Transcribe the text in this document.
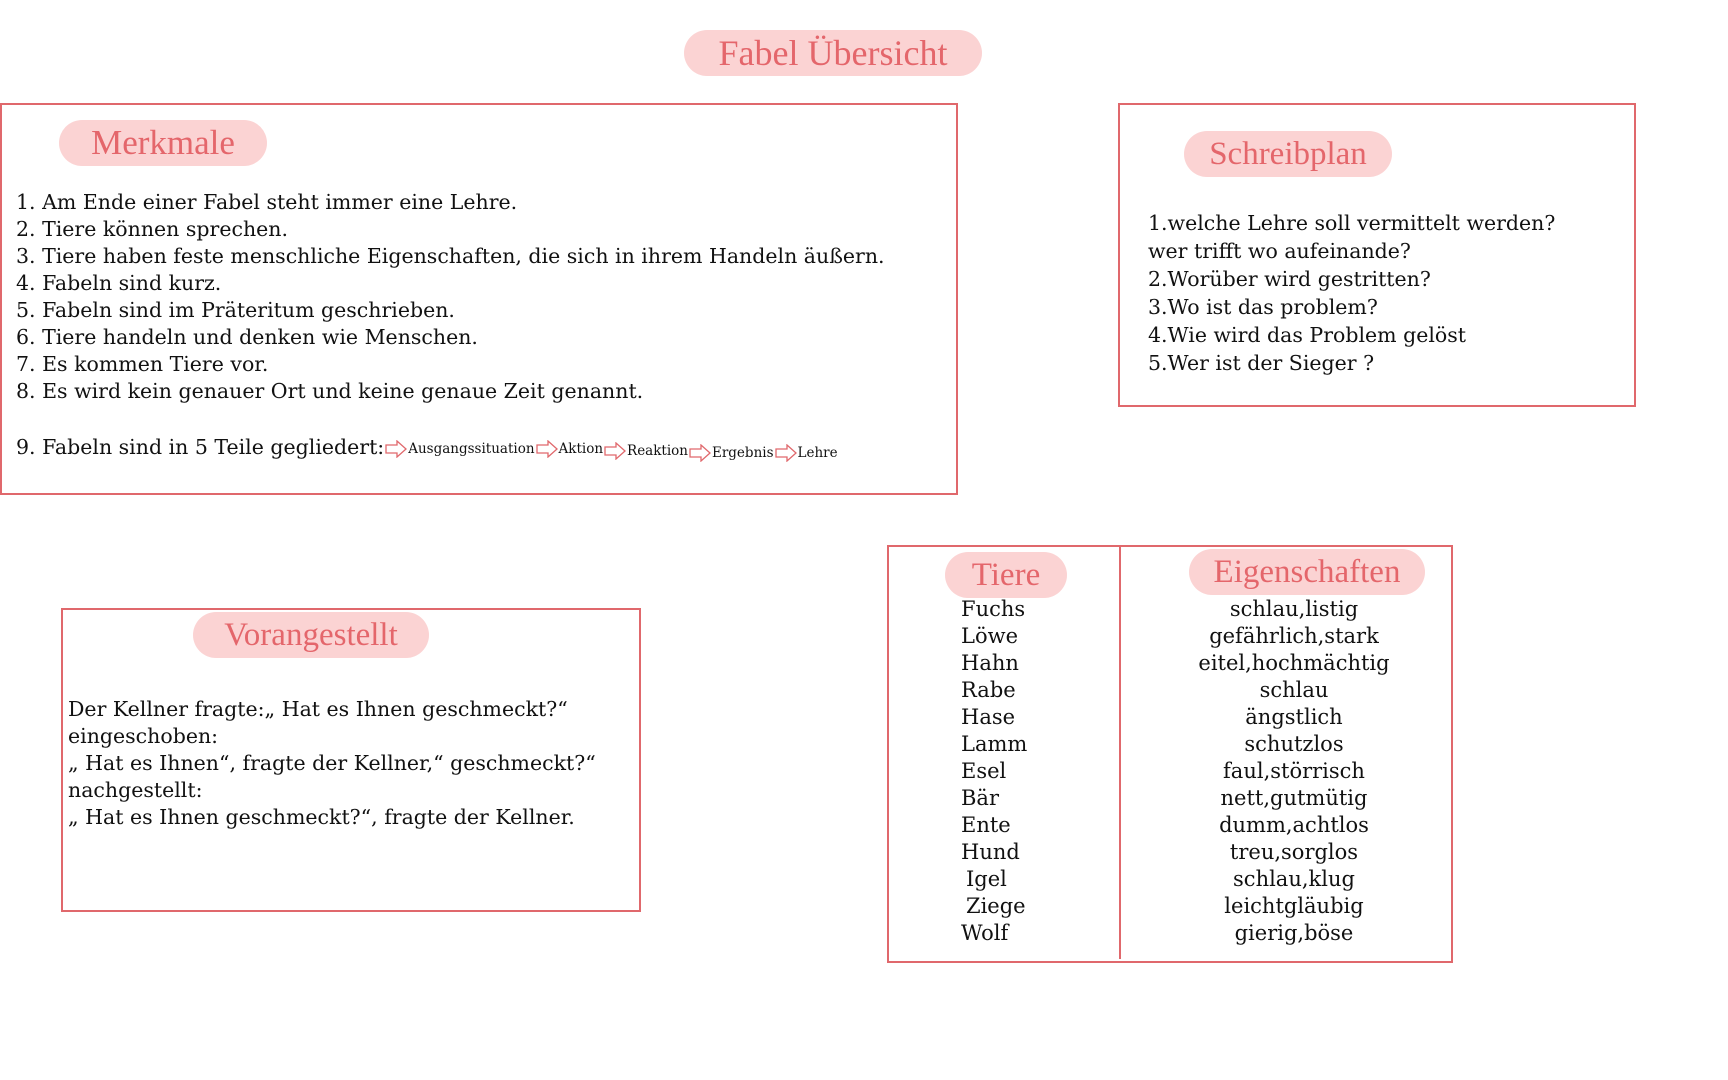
Fabel Übersicht
Merkmale
1. Am Ende einer Fabel steht immer eine Lehre.
2. Tiere können sprechen.
3. Tiere haben feste menschliche Eigenschaften, die sich in ihrem Handeln äußern.
4. Fabeln sind kurz.
5. Fabeln sind im Präteritum geschrieben.
6. Tiere handeln und denken wie Menschen.
7. Es kommen Tiere vor.
8. Es wird kein genauer Ort und keine genaue Zeit genannt.
9. Fabeln sind in 5 Teile gegliedert: Ausgangssituation Aktion Reaktion Ergebnis Lehre
Schreibplan
1.welche Lehre soll vermittelt werden?
wer trifft wo aufeinande?
2.Worüber wird gestritten?
3.Wo ist das problem?
4.Wie wird das Problem gelöst
5.Wer ist der Sieger ?
Vorangestellt
Der Kellner fragte:„ Hat es Ihnen geschmeckt?“
eingeschoben:
„ Hat es Ihnen“, fragte der Kellner,“ geschmeckt?“
nachgestellt:
„ Hat es Ihnen geschmeckt?“, fragte der Kellner.
Tiere	Eigenschaften
Fuchs
Löwe
Hahn
Rabe
Hase
Lamm
Esel
Bär
Ente
Hund
Igel
Ziege
Wolf
schlau,listig
gefährlich,stark
eitel,hochmächtig
schlau
ängstlich
schutzlos
faul,störrisch
nett,gutmütig
dumm,achtlos
treu,sorglos
schlau,klug
leichtgläubig
gierig,böse
